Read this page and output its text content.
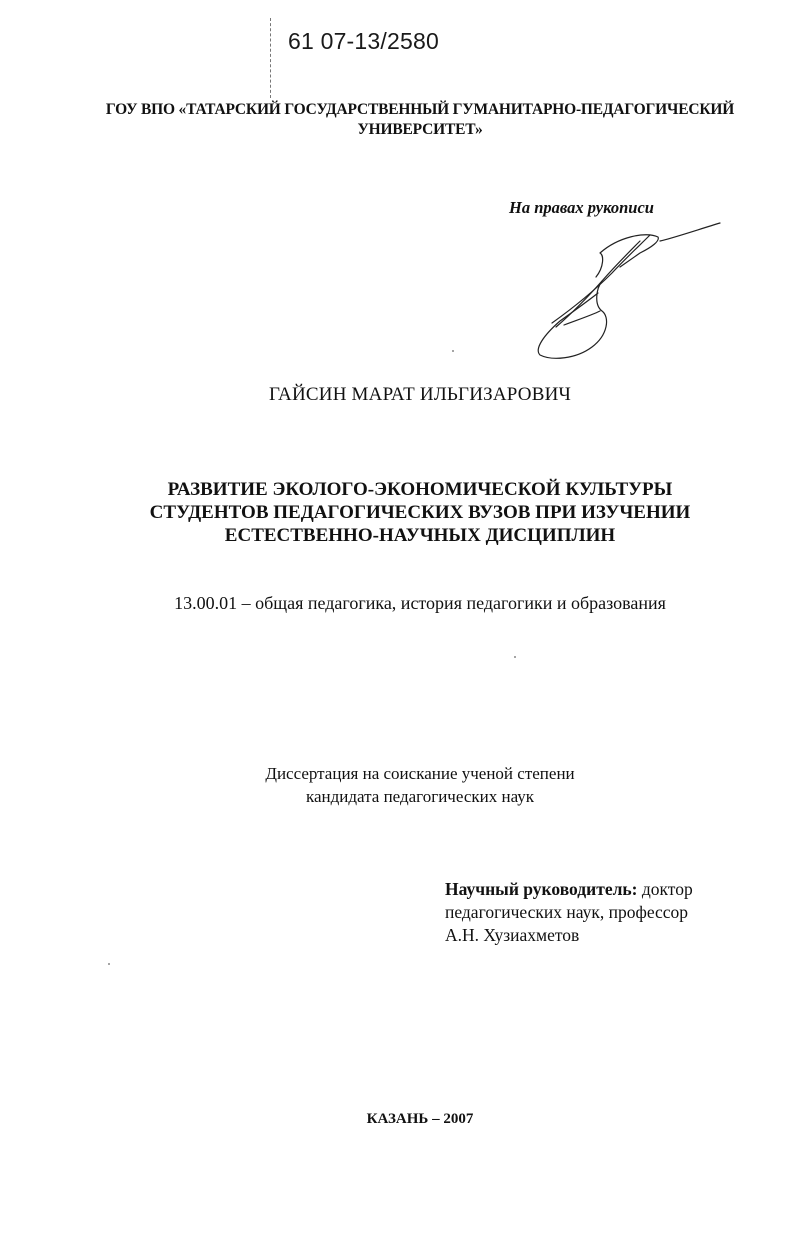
61 07-13/2580
ГОУ ВПО «ТАТАРСКИЙ ГОСУДАРСТВЕННЫЙ ГУМАНИТАРНО-ПЕДАГОГИЧЕСКИЙ
УНИВЕРСИТЕТ»
На правах рукописи
ГАЙСИН МАРАТ ИЛЬГИЗАРОВИЧ
РАЗВИТИЕ ЭКОЛОГО-ЭКОНОМИЧЕСКОЙ КУЛЬТУРЫ
СТУДЕНТОВ ПЕДАГОГИЧЕСКИХ ВУЗОВ ПРИ ИЗУЧЕНИИ
ЕСТЕСТВЕННО-НАУЧНЫХ ДИСЦИПЛИН
13.00.01 – общая педагогика, история педагогики и образования
Диссертация на соискание ученой степени
кандидата педагогических наук
Научный руководитель: доктор
педагогических наук, профессор
А.Н. Хузиахметов
КАЗАНЬ – 2007
